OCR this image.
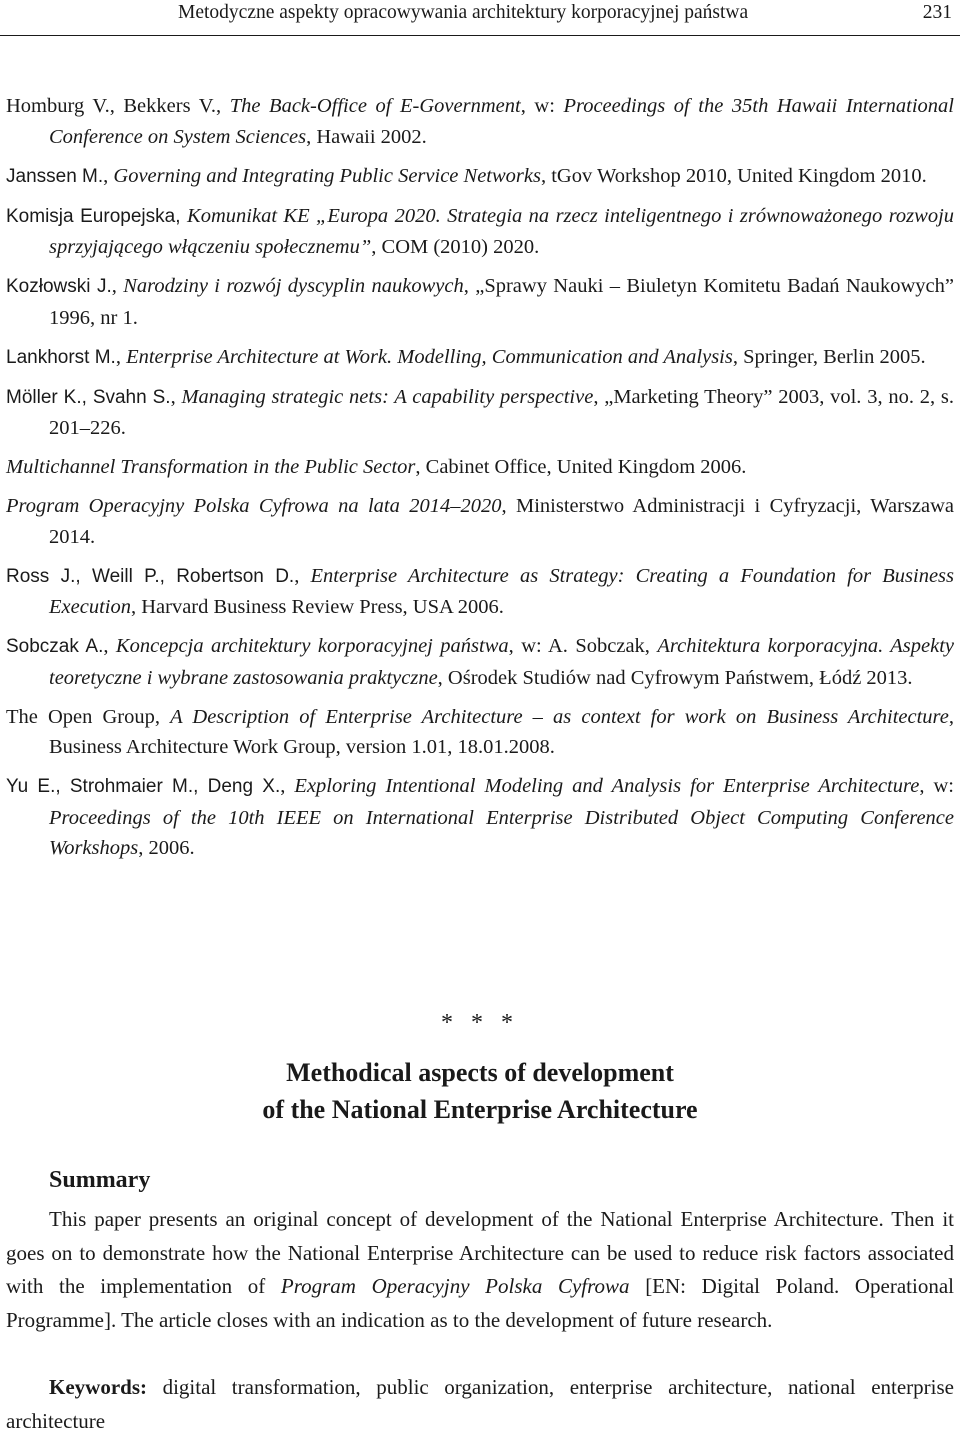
Metodyczne aspekty opracowywania architektury korporacyjnej państwa	231

Homburg V., Bekkers V., The Back-Office of E-Government, w: Proceedings of the 35th Hawaii International Conference on System Sciences, Hawaii 2002.

Janssen M., Governing and Integrating Public Service Networks, tGov Workshop 2010, United Kingdom 2010.

Komisja Europejska, Komunikat KE „Europa 2020. Strategia na rzecz inteligentnego i zrównoważonego rozwoju sprzyjającego włączeniu społecznemu”, COM (2010) 2020.

Kozłowski J., Narodziny i rozwój dyscyplin naukowych, „Sprawy Nauki – Biuletyn Komitetu Badań Naukowych” 1996, nr 1.

Lankhorst M., Enterprise Architecture at Work. Modelling, Communication and Analysis, Springer, Berlin 2005.

Möller K., Svahn S., Managing strategic nets: A capability perspective, „Marketing Theory” 2003, vol. 3, no. 2, s. 201–226.

Multichannel Transformation in the Public Sector, Cabinet Office, United Kingdom 2006.

Program Operacyjny Polska Cyfrowa na lata 2014–2020, Ministerstwo Administracji i Cyfryzacji, Warszawa 2014.

Ross J., Weill P., Robertson D., Enterprise Architecture as Strategy: Creating a Foundation for Business Execution, Harvard Business Review Press, USA 2006.

Sobczak A., Koncepcja architektury korporacyjnej państwa, w: A. Sobczak, Architektura korporacyjna. Aspekty teoretyczne i wybrane zastosowania praktyczne, Ośrodek Studiów nad Cyfrowym Państwem, Łódź 2013.

The Open Group, A Description of Enterprise Architecture – as context for work on Business Architecture, Business Architecture Work Group, version 1.01, 18.01.2008.

Yu E., Strohmaier M., Deng X., Exploring Intentional Modeling and Analysis for Enterprise Architecture, w: Proceedings of the 10th IEEE on International Enterprise Distributed Object Computing Conference Workshops, 2006.

* * *
Methodical aspects of development
of the National Enterprise Architecture
Summary

This paper presents an original concept of development of the National Enterprise Architecture. Then it goes on to demonstrate how the National Enterprise Architecture can be used to reduce risk factors associated with the implementation of Program Operacyjny Polska Cyfrowa [EN: Digital Poland. Operational Programme]. The article closes with an indication as to the development of future research.

Keywords: digital transformation, public organization, enterprise architecture, national enterprise architecture
